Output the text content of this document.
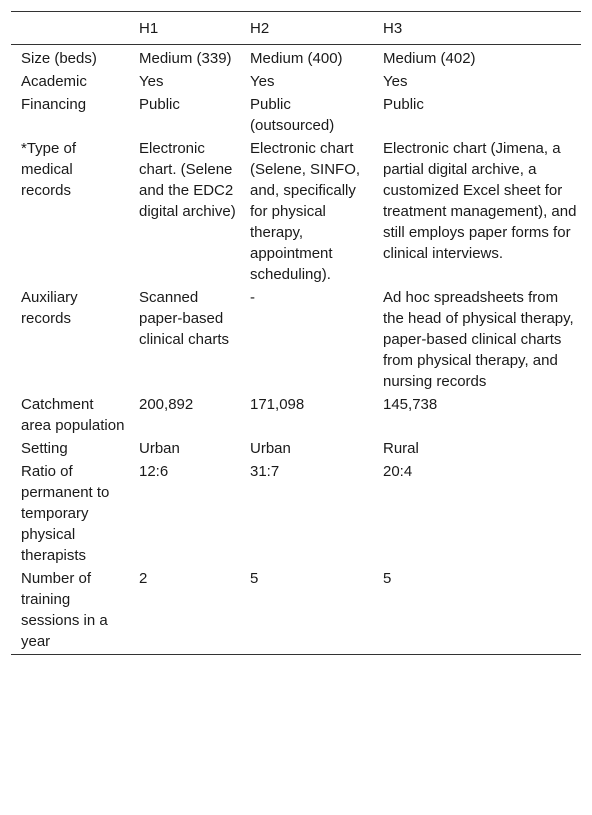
	H1	H2	H3
Size (beds)	Medium (339)	Medium (400)	Medium (402)
Academic	Yes	Yes	Yes
Financing	Public	Public (outsourced)	Public
*Type of medical records	Electronic chart. (Selene and the EDC2 digital archive)	Electronic chart (Selene, SINFO, and, specifically for physical therapy, appointment scheduling).	Electronic chart (Jimena, a partial digital archive, a customized Excel sheet for treatment management), and still employs paper forms for clinical interviews.
Auxiliary records	Scanned paper-based clinical charts	-	Ad hoc spreadsheets from the head of physical therapy, paper-based clinical charts from physical therapy, and nursing records
Catchment area population	200,892	171,098	145,738
Setting	Urban	Urban	Rural
Ratio of permanent to temporary physical therapists	12:6	31:7	20:4
Number of training sessions in a year	2	5	5
